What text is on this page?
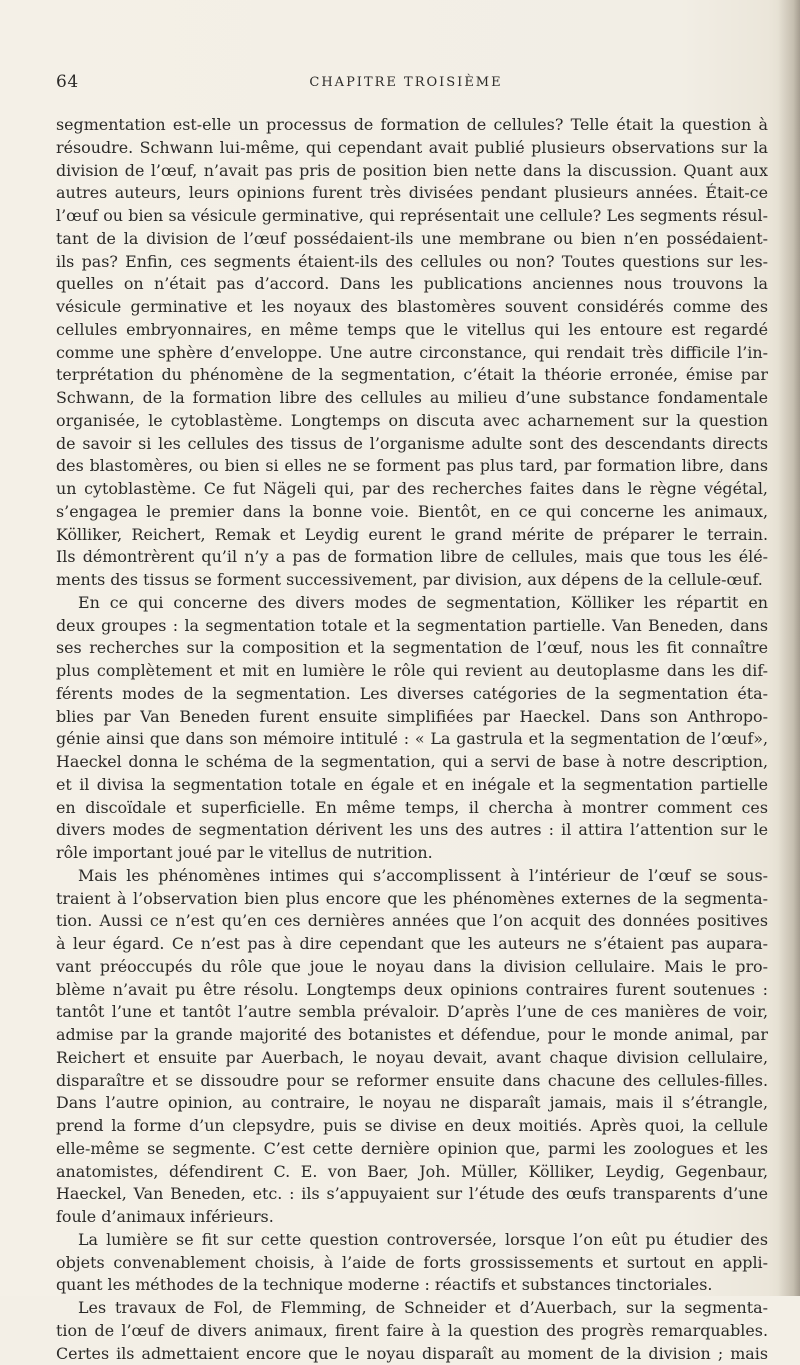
64	CHAPITRE TROISIÈME
segmentation est-elle un processus de formation de cellules? Telle était la question à
résoudre. Schwann lui-même, qui cependant avait publié plusieurs observations sur la
division de l’œuf, n’avait pas pris de position bien nette dans la discussion. Quant aux
autres auteurs, leurs opinions furent très divisées pendant plusieurs années. Était-ce
l’œuf ou bien sa vésicule germinative, qui représentait une cellule? Les segments résul-
tant de la division de l’œuf possédaient-ils une membrane ou bien n’en possédaient-
ils pas? Enfin, ces segments étaient-ils des cellules ou non? Toutes questions sur les-
quelles on n’était pas d’accord. Dans les publications anciennes nous trouvons la
vésicule germinative et les noyaux des blastomères souvent considérés comme des
cellules embryonnaires, en même temps que le vitellus qui les entoure est regardé
comme une sphère d’enveloppe. Une autre circonstance, qui rendait très difficile l’in-
terprétation du phénomène de la segmentation, c’était la théorie erronée, émise par
Schwann, de la formation libre des cellules au milieu d’une substance fondamentale
organisée, le cytoblastème. Longtemps on discuta avec acharnement sur la question
de savoir si les cellules des tissus de l’organisme adulte sont des descendants directs
des blastomères, ou bien si elles ne se forment pas plus tard, par formation libre, dans
un cytoblastème. Ce fut Nägeli qui, par des recherches faites dans le règne végétal,
s’engagea le premier dans la bonne voie. Bientôt, en ce qui concerne les animaux,
Kölliker, Reichert, Remak et Leydig eurent le grand mérite de préparer le terrain.
Ils démontrèrent qu’il n’y a pas de formation libre de cellules, mais que tous les élé-
ments des tissus se forment successivement, par division, aux dépens de la cellule-œuf.
En ce qui concerne des divers modes de segmentation, Kölliker les répartit en
deux groupes : la segmentation totale et la segmentation partielle. Van Beneden, dans
ses recherches sur la composition et la segmentation de l’œuf, nous les fit connaître
plus complètement et mit en lumière le rôle qui revient au deutoplasme dans les dif-
férents modes de la segmentation. Les diverses catégories de la segmentation éta-
blies par Van Beneden furent ensuite simplifiées par Haeckel. Dans son Anthropo-
génie ainsi que dans son mémoire intitulé : « La gastrula et la segmentation de l’œuf»,
Haeckel donna le schéma de la segmentation, qui a servi de base à notre description,
et il divisa la segmentation totale en égale et en inégale et la segmentation partielle
en discoïdale et superficielle. En même temps, il chercha à montrer comment ces
divers modes de segmentation dérivent les uns des autres : il attira l’attention sur le
rôle important joué par le vitellus de nutrition.
Mais les phénomènes intimes qui s’accomplissent à l’intérieur de l’œuf se sous-
traient à l’observation bien plus encore que les phénomènes externes de la segmenta-
tion. Aussi ce n’est qu’en ces dernières années que l’on acquit des données positives
à leur égard. Ce n’est pas à dire cependant que les auteurs ne s’étaient pas aupara-
vant préoccupés du rôle que joue le noyau dans la division cellulaire. Mais le pro-
blème n’avait pu être résolu. Longtemps deux opinions contraires furent soutenues :
tantôt l’une et tantôt l’autre sembla prévaloir. D’après l’une de ces manières de voir,
admise par la grande majorité des botanistes et défendue, pour le monde animal, par
Reichert et ensuite par Auerbach, le noyau devait, avant chaque division cellulaire,
disparaître et se dissoudre pour se reformer ensuite dans chacune des cellules-filles.
Dans l’autre opinion, au contraire, le noyau ne disparaît jamais, mais il s’étrangle,
prend la forme d’un clepsydre, puis se divise en deux moitiés. Après quoi, la cellule
elle-même se segmente. C’est cette dernière opinion que, parmi les zoologues et les
anatomistes, défendirent C. E. von Baer, Joh. Müller, Kölliker, Leydig, Gegenbaur,
Haeckel, Van Beneden, etc. : ils s’appuyaient sur l’étude des œufs transparents d’une
foule d’animaux inférieurs.
La lumière se fit sur cette question controversée, lorsque l’on eût pu étudier des
objets convenablement choisis, à l’aide de forts grossissements et surtout en appli-
quant les méthodes de la technique moderne : réactifs et substances tinctoriales.
Les travaux de Fol, de Flemming, de Schneider et d’Auerbach, sur la segmenta-
tion de l’œuf de divers animaux, firent faire à la question des progrès remarquables.
Certes ils admettaient encore que le noyau disparaît au moment de la division ; mais
